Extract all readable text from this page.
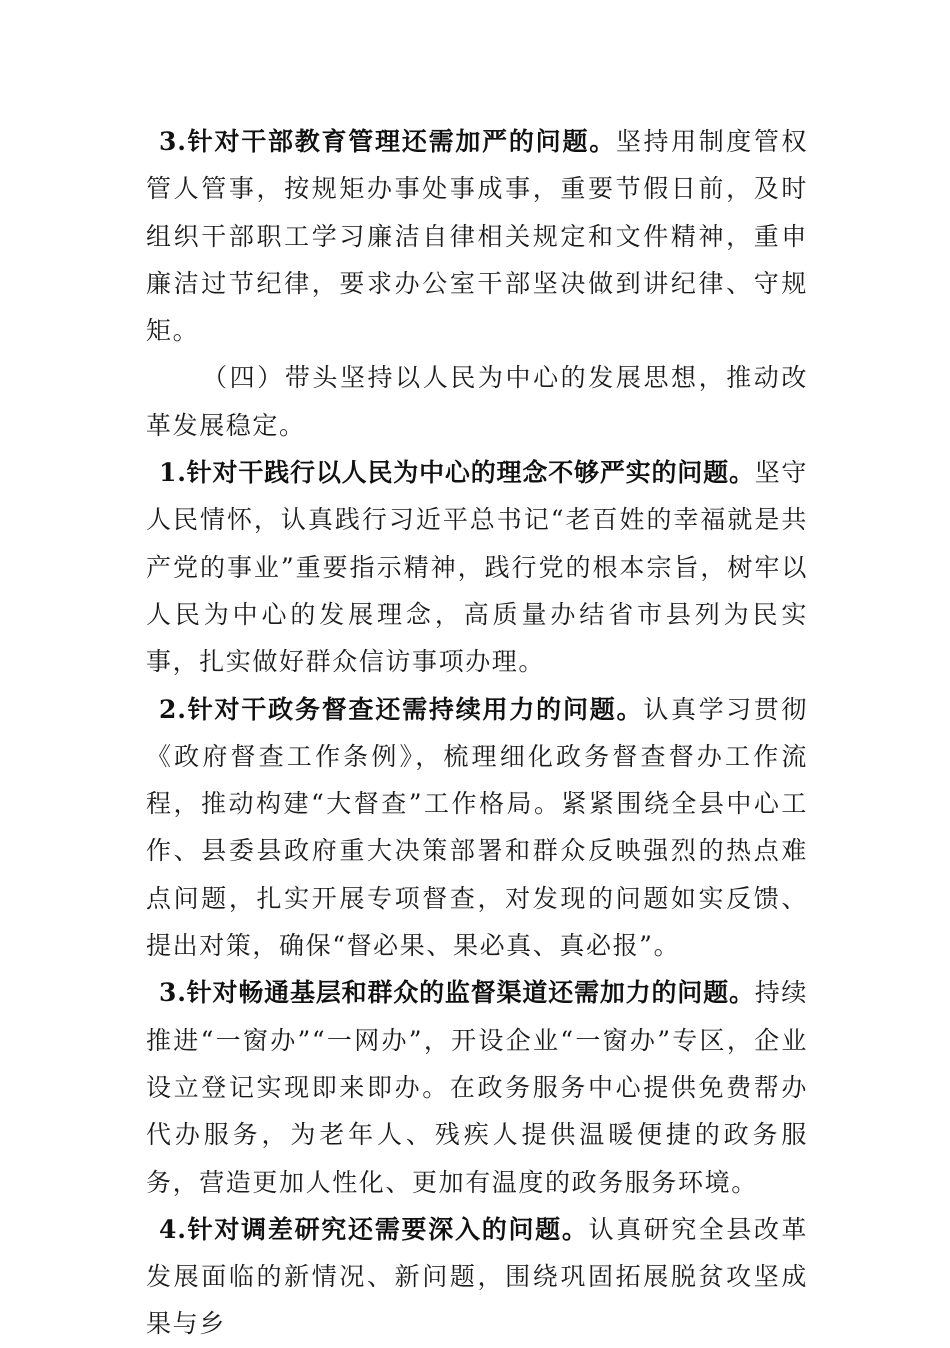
3.针对干部教育管理还需加严的问题。坚持用制度管权管人管事，按规矩办事处事成事，重要节假日前，及时组织干部职工学习廉洁自律相关规定和文件精神，重申廉洁过节纪律，要求办公室干部坚决做到讲纪律、守规矩。

（四）带头坚持以人民为中心的发展思想，推动改革发展稳定。

1.针对干践行以人民为中心的理念不够严实的问题。坚守人民情怀，认真践行习近平总书记“老百姓的幸福就是共产党的事业”重要指示精神，践行党的根本宗旨，树牢以人民为中心的发展理念，高质量办结省市县列为民实事，扎实做好群众信访事项办理。

2.针对干政务督查还需持续用力的问题。认真学习贯彻《政府督查工作条例》，梳理细化政务督查督办工作流程，推动构建“大督查”工作格局。紧紧围绕全县中心工作、县委县政府重大决策部署和群众反映强烈的热点难点问题，扎实开展专项督查，对发现的问题如实反馈、提出对策，确保“督必果、果必真、真必报”。

3.针对畅通基层和群众的监督渠道还需加力的问题。持续推进“一窗办”“一网办”，开设企业“一窗办”专区，企业设立登记实现即来即办。在政务服务中心提供免费帮办代办服务，为老年人、残疾人提供温暖便捷的政务服务，营造更加人性化、更加有温度的政务服务环境。

4.针对调差研究还需要深入的问题。认真研究全县改革发展面临的新情况、新问题，围绕巩固拓展脱贫攻坚成果与乡
